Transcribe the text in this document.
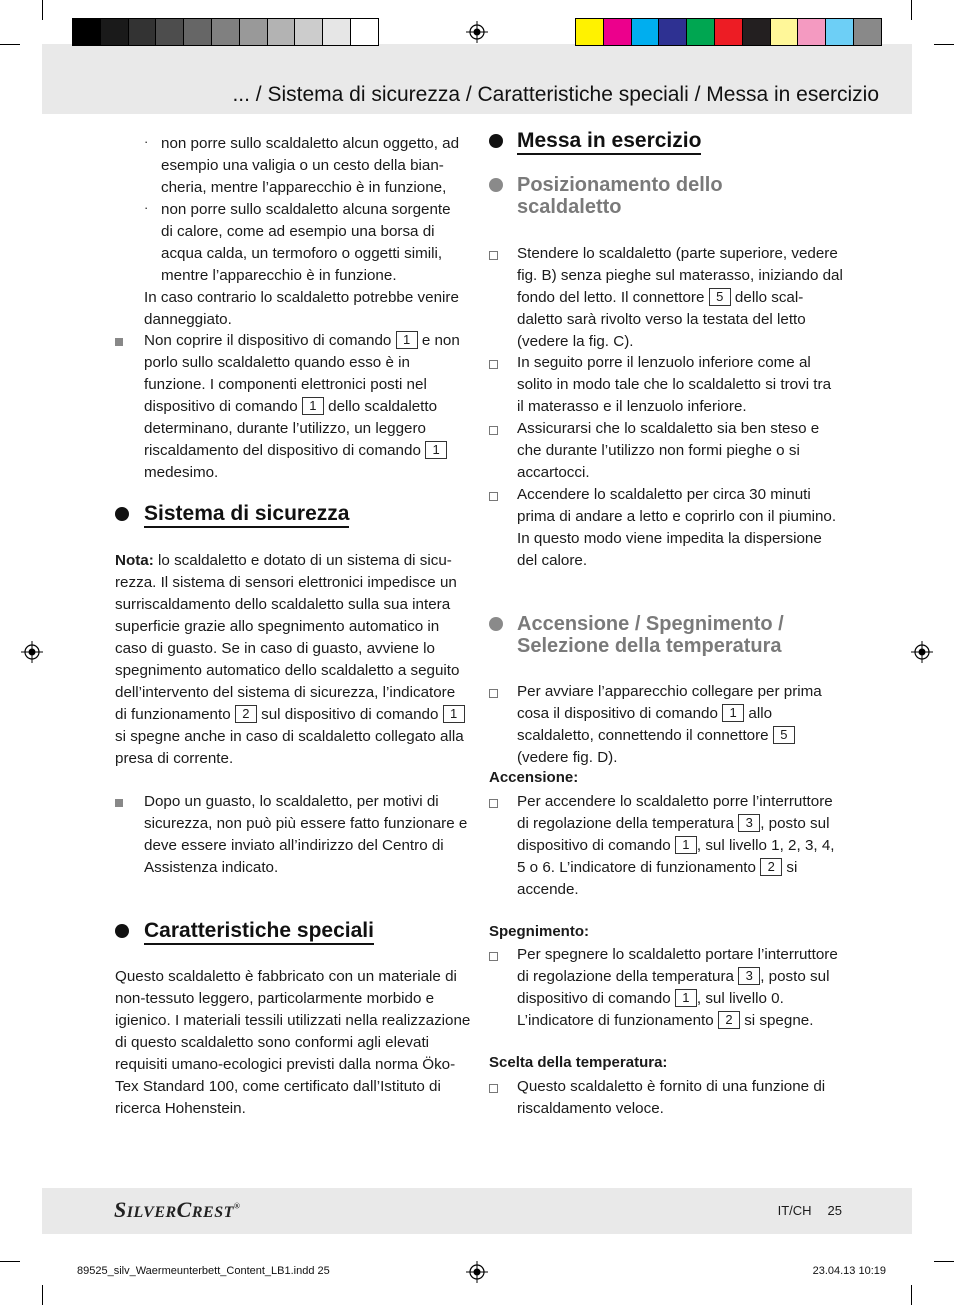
... / Sistema di sicurezza / Caratteristiche speciali / Messa in esercizio
· non porre sullo scaldaletto alcun oggetto, ad esempio una valigia o un cesto della bian-cheria, mentre l’apparecchio è in funzione,
· non porre sullo scaldaletto alcuna sorgente di calore, come ad esempio una borsa di acqua calda, un termoforo o oggetti simili, mentre l’apparecchio è in funzione.
In caso contrario lo scaldaletto potrebbe venire danneggiato.
Non coprire il dispositivo di comando 1 e non porlo sullo scaldaletto quando esso è in funzione. I componenti elettronici posti nel dispositivo di comando 1 dello scaldaletto determinano, durante l’utilizzo, un leggero riscaldamento del dispositivo di comando 1 medesimo.
Sistema di sicurezza
Nota: lo scaldaletto e dotato di un sistema di sicu-rezza. Il sistema di sensori elettronici impedisce un surriscaldamento dello scaldaletto sulla sua intera superficie grazie allo spegnimento automatico in caso di guasto. Se in caso di guasto, avviene lo spegnimento automatico dello scaldaletto a seguito dell’intervento del sistema di sicurezza, l’indicatore di funzionamento 2 sul dispositivo di comando 1 si spegne anche in caso di scaldaletto collegato alla presa di corrente.
Dopo un guasto, lo scaldaletto, per motivi di sicurezza, non può più essere fatto funzionare e deve essere inviato all’indirizzo del Centro di Assistenza indicato.
Caratteristiche speciali
Questo scaldaletto è fabbricato con un materiale di non-tessuto leggero, particolarmente morbido e igienico. I materiali tessili utilizzati nella realizzazione di questo scaldaletto sono conformi agli elevati requisiti umano-ecologici previsti dalla norma Öko-Tex Standard 100, come certificato dall’Istituto di ricerca Hohenstein.
Messa in esercizio
Posizionamento dello
scaldaletto
Stendere lo scaldaletto (parte superiore, vedere fig. B) senza pieghe sul materasso, iniziando dal fondo del letto. Il connettore 5 dello scal-daletto sarà rivolto verso la testata del letto (vedere la fig. C).
In seguito porre il lenzuolo inferiore come al solito in modo tale che lo scaldaletto si trovi tra il materasso e il lenzuolo inferiore.
Assicurarsi che lo scaldaletto sia ben steso e che durante l’utilizzo non formi pieghe o si accartocci.
Accendere lo scaldaletto per circa 30 minuti prima di andare a letto e coprirlo con il piumino. In questo modo viene impedita la dispersione del calore.
Accensione / Spegnimento /
Selezione della temperatura
Per avviare l’apparecchio collegare per prima cosa il dispositivo di comando 1 allo scaldaletto, connettendo il connettore 5 (vedere fig. D).
Accensione:
Per accendere lo scaldaletto porre l’interruttore di regolazione della temperatura 3 , posto sul dispositivo di comando 1 , sul livello 1, 2, 3, 4, 5 o 6. L’indicatore di funzionamento 2 si accende.
Spegnimento:
Per spegnere lo scaldaletto portare l’interruttore di regolazione della temperatura 3 , posto sul dispositivo di comando 1 , sul livello 0. L’indicatore di funzionamento 2 si spegne.
Scelta della temperatura:
Questo scaldaletto è fornito di una funzione di riscaldamento veloce.
SILVERCREST®	IT/CH 25
89525_silv_Waermeunterbett_Content_LB1.indd 25	23.04.13 10:19
